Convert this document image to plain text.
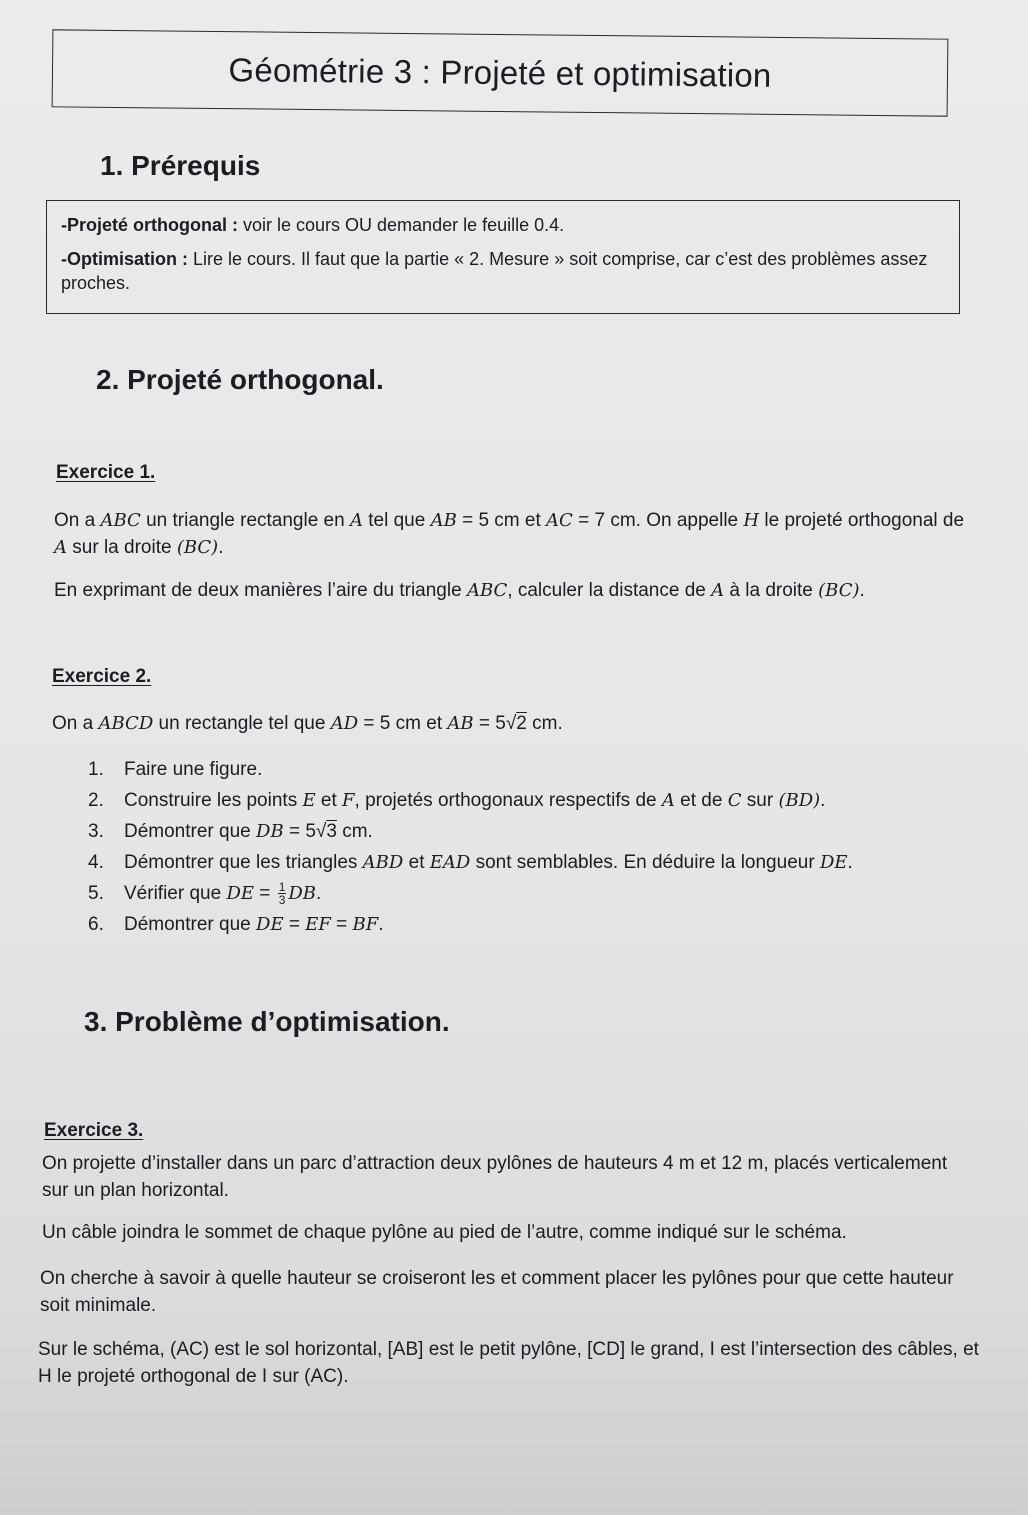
Géométrie 3 : Projeté et optimisation
1. Prérequis

-Projeté orthogonal : voir le cours OU demander le feuille 0.4.

-Optimisation : Lire le cours. Il faut que la partie « 2. Mesure » soit comprise, car c’est des problèmes assez proches.

2. Projeté orthogonal.
Exercice 1.

On a ABC un triangle rectangle en A tel que AB = 5 cm et AC = 7 cm. On appelle H le projeté orthogonal de A sur la droite (BC).

En exprimant de deux manières l’aire du triangle ABC, calculer la distance de A à la droite (BC).

Exercice 2.

On a ABCD un rectangle tel que AD = 5 cm et AB = 5√2 cm.

1.	Faire une figure.
2.	Construire les points E et F, projetés orthogonaux respectifs de A et de C sur (BD).
3.	Démontrer que DB = 5√3 cm.
4.	Démontrer que les triangles ABD et EAD sont semblables. En déduire la longueur DE.
5.	Vérifier que DE = $\frac{1}{3}$ DB.
6.	Démontrer que DE = EF = BF.
3. Problème d’optimisation.
Exercice 3.

On projette d’installer dans un parc d’attraction deux pylônes de hauteurs 4 m et 12 m, placés verticalement sur un plan horizontal.

Un câble joindra le sommet de chaque pylône au pied de l’autre, comme indiqué sur le schéma.

On cherche à savoir à quelle hauteur se croiseront les et comment placer les pylônes pour que cette hauteur soit minimale.

Sur le schéma, (AC) est le sol horizontal, [AB] est le petit pylône, [CD] le grand, I est l’intersection des câbles, et H le projeté orthogonal de I sur (AC).
